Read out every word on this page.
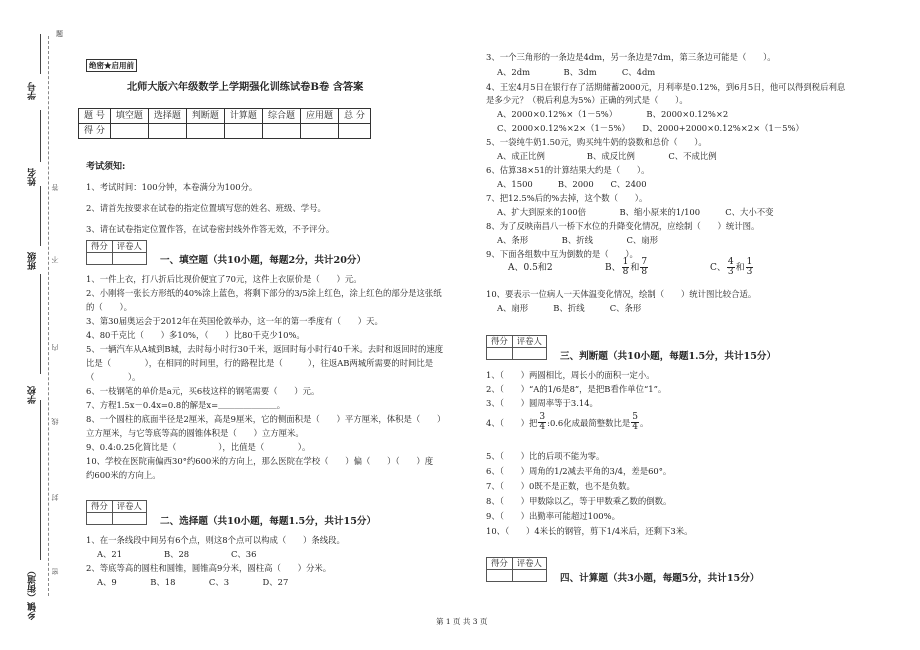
题
学号
姓名
班级
学校
乡镇（街道）
答
不
内
线
封
密
绝密★启用前
北师大版六年级数学上学期强化训练试卷B卷 含答案
题 号	填空题	选择题	判断题	计算题	综合题	应用题	总 分
得 分							
考试须知:
1、考试时间：100分钟，本卷满分为100分。
2、请首先按要求在试卷的指定位置填写您的姓名、班级、学号。
3、请在试卷指定位置作答，在试卷密封线外作答无效，不予评分。
得分	评卷人

一、填空题（共10小题，每题2分，共计20分）
1、一件上衣，打八折后比现价便宜了70元，这件上衣原价是（　　）元。
2、小刚将一张长方形纸的40%涂上蓝色，将剩下部分的3/5涂上红色，涂上红色的部分是这张纸
的（　　）。
3、第30届奥运会于2012年在英国伦敦举办，这一年的第一季度有（　　）天。
4、80千克比（　　）多10%，（　　）比80千克少10%。
5、一辆汽车从A城到B城，去时每小时行30千米，返回时每小时行40千米。去时和返回时的速度
比是（　　　　），在相同的时间里，行的路程比是（　　　），往返AB两城所需要的时间比是
（　　　　）。
6、一枝钢笔的单价是a元，买6枝这样的钢笔需要（　　）元。
7、方程1.5x－0.4x=0.8的解是x=＿＿＿＿＿＿＿。
8、一个圆柱的底面半径是2厘米，高是9厘米，它的侧面积是（　　）平方厘米，体积是（　　）
立方厘米，与它等底等高的圆锥体积是（　　）立方厘米。
9、0.4:0.25化简比是（　　　　　），比值是（　　　　）。
10、学校在医院南偏西30°约600米的方向上，那么医院在学校（　　）偏（　　）（　　）度
约600米的方向上。
得分	评卷人

二、选择题（共10小题，每题1.5分，共计15分）
1、在一条线段中间另有6个点，则这8个点可以构成（　　）条线段。
A、21　　　　　B、28　　　　　C、36
2、等底等高的圆柱和圆锥，圆锥高9分米，圆柱高（　　）分米。
A、9　　　　B、18　　　　C、3　　　　D、27
3、一个三角形的一条边是4dm，另一条边是7dm，第三条边可能是（　　）。
A、2dm　　　　B、3dm　　　C、4dm
4、王宏4月5日在银行存了活期储蓄2000元，月利率是0.12%，到6月5日，他可以得到税后利息
是多少元？（税后利息为5%）正确的列式是（　　）。
A、2000×0.12%×（1－5%）　　　　B、2000×0.12%×2
C、2000×0.12%×2×（1－5%）　　D、2000+2000×0.12%×2×（1－5%）
5、一袋纯牛奶1.50元，购买纯牛奶的袋数和总价（　　）。
A、成正比例　　　　　B、成反比例　　　　C、不成比例
6、估算38×51的计算结果大约是（　　）。
A、1500　　　B、2000　　C、2400
7、把12.5%后的%去掉，这个数（　　）。
A、扩大到原来的100倍　　　　B、缩小原来的1/100　　　C、大小不变
8、为了反映南昌八一桥下水位的升降变化情况，应绘制（　　）统计图。
A、条形　　　　B、折线　　　　C、扇形
9、下面各组数中互为倒数的是（　　）。
A、0.5和2	B、 $\frac{1}{8}$ 和 $\frac{7}{8}$	C、 $\frac{4}{3}$ 和 $\frac{1}{3}$
10、要表示一位病人一天体温变化情况，绘制（　　）统计图比较合适。
A、扇形　　　B、折线　　　C、条形
得分	评卷人

三、判断题（共10小题，每题1.5分，共计15分）
1、（　　）两圆相比，周长小的面积一定小。
2、（　　）“A的1/6是8”，是把B看作单位“1”。
3、（　　）圆周率等于3.14。
4、（　　）把 $\frac{3}{4}$ :0.6化成最简整数比是 $\frac{5}{4}$ 。
5、（　　）比的后项不能为零。
6、（　　）周角的1/2减去平角的3/4，差是60°。
7、（　　）0既不是正数，也不是负数。
8、（　　）甲数除以乙，等于甲数乘乙数的倒数。
9、（　　）出勤率可能超过100%。
10、（　　）4米长的钢管，剪下1/4米后，还剩下3米。
得分	评卷人

四、计算题（共3小题，每题5分，共计15分）
第 1 页 共 3 页
